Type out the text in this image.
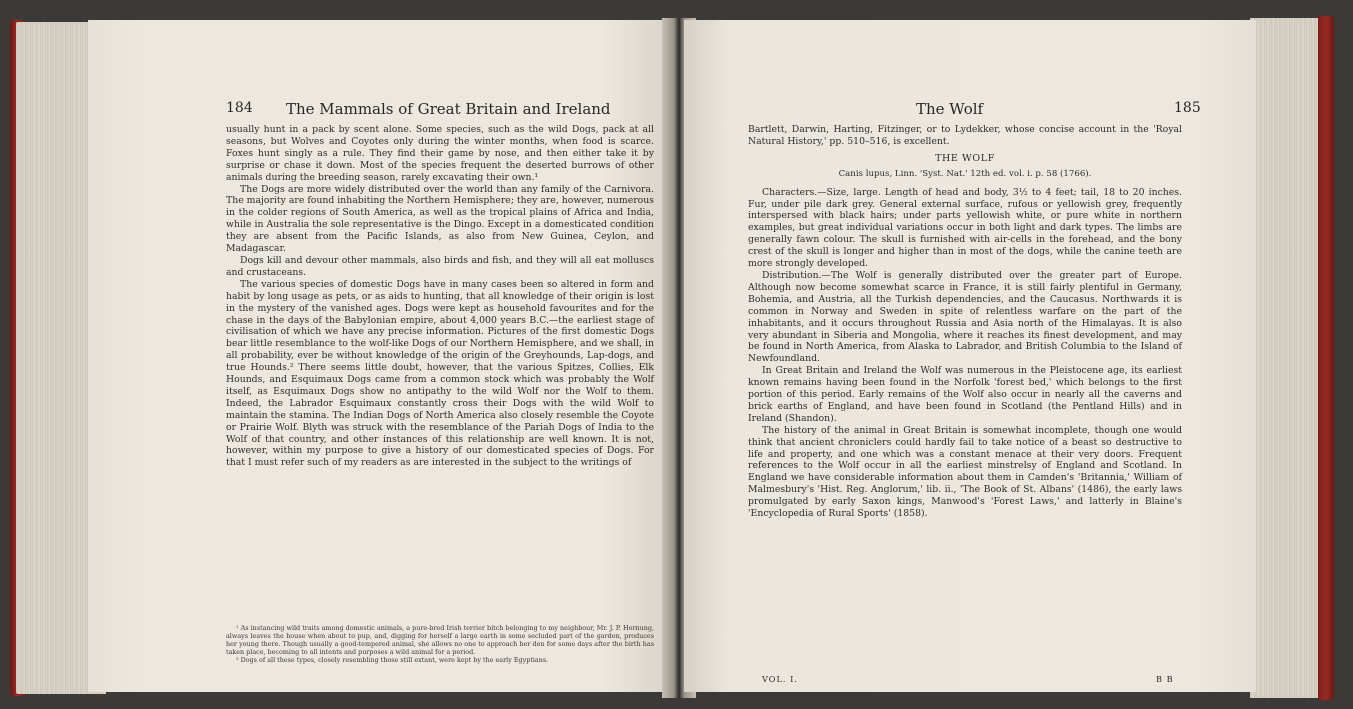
184 The Mammals of Great Britain and Ireland

usually hunt in a pack by scent alone. Some species, such as the wild Dogs, pack at all seasons, but Wolves and Coyotes only during the winter months, when food is scarce. Foxes hunt singly as a rule. They find their game by nose, and then either take it by surprise or chase it down. Most of the species frequent the deserted burrows of other animals during the breeding season, rarely excavating their own.¹

The Dogs are more widely distributed over the world than any family of the Carnivora. The majority are found inhabiting the Northern Hemisphere; they are, however, numerous in the colder regions of South America, as well as the tropical plains of Africa and India, while in Australia the sole representative is the Dingo. Except in a domesticated condition they are absent from the Pacific Islands, as also from New Guinea, Ceylon, and Madagascar.

Dogs kill and devour other mammals, also birds and fish, and they will all eat molluscs and crustaceans.

The various species of domestic Dogs have in many cases been so altered in form and habit by long usage as pets, or as aids to hunting, that all knowledge of their origin is lost in the mystery of the vanished ages. Dogs were kept as household favourites and for the chase in the days of the Babylonian empire, about 4,000 years B.C.—the earliest stage of civilisation of which we have any precise information. Pictures of the first domestic Dogs bear little resemblance to the wolf-like Dogs of our Northern Hemisphere, and we shall, in all probability, ever be without knowledge of the origin of the Greyhounds, Lap-dogs, and true Hounds.² There seems little doubt, however, that the various Spitzes, Collies, Elk Hounds, and Esquimaux Dogs came from a common stock which was probably the Wolf itself, as Esquimaux Dogs show no antipathy to the wild Wolf nor the Wolf to them. Indeed, the Labrador Esquimaux constantly cross their Dogs with the wild Wolf to maintain the stamina. The Indian Dogs of North America also closely resemble the Coyote or Prairie Wolf. Blyth was struck with the resemblance of the Pariah Dogs of India to the Wolf of that country, and other instances of this relationship are well known. It is not, however, within my purpose to give a history of our domesticated species of Dogs. For that I must refer such of my readers as are interested in the subject to the writings of

¹ As instancing wild traits among domestic animals, a pure-bred Irish terrier bitch belonging to my neighbour, Mr. J. P. Hornung, always leaves the house when about to pup, and, digging for herself a large earth in some secluded part of the garden, produces her young there. Though usually a good-tempered animal, she allows no one to approach her den for some days after the birth has taken place, becoming to all intents and purposes a wild animal for a period.

² Dogs of all these types, closely resembling those still extant, were kept by the early Egyptians.

The Wolf	185

Bartlett, Darwin, Harting, Fitzinger, or to Lydekker, whose concise account in the 'Royal Natural History,' pp. 510–516, is excellent.

THE WOLF

Canis lupus, Linn. 'Syst. Nat.' 12th ed. vol. i. p. 58 (1766).

Characters.—Size, large. Length of head and body, 3½ to 4 feet; tail, 18 to 20 inches. Fur, under pile dark grey. General external surface, rufous or yellowish grey, frequently interspersed with black hairs; under parts yellowish white, or pure white in northern examples, but great individual variations occur in both light and dark types. The limbs are generally fawn colour. The skull is furnished with air-cells in the forehead, and the bony crest of the skull is longer and higher than in most of the dogs, while the canine teeth are more strongly developed.

Distribution.—The Wolf is generally distributed over the greater part of Europe. Although now become somewhat scarce in France, it is still fairly plentiful in Germany, Bohemia, and Austria, all the Turkish dependencies, and the Caucasus. Northwards it is common in Norway and Sweden in spite of relentless warfare on the part of the inhabitants, and it occurs throughout Russia and Asia north of the Himalayas. It is also very abundant in Siberia and Mongolia, where it reaches its finest development, and may be found in North America, from Alaska to Labrador, and British Columbia to the Island of Newfoundland.

In Great Britain and Ireland the Wolf was numerous in the Pleistocene age, its earliest known remains having been found in the Norfolk 'forest bed,' which belongs to the first portion of this period. Early remains of the Wolf also occur in nearly all the caverns and brick earths of England, and have been found in Scotland (the Pentland Hills) and in Ireland (Shandon).

The history of the animal in Great Britain is somewhat incomplete, though one would think that ancient chroniclers could hardly fail to take notice of a beast so destructive to life and property, and one which was a constant menace at their very doors. Frequent references to the Wolf occur in all the earliest minstrelsy of England and Scotland. In England we have considerable information about them in Camden's 'Britannia,' William of Malmesbury's 'Hist. Reg. Anglorum,' lib. ii., 'The Book of St. Albans' (1486), the early laws promulgated by early Saxon kings, Manwood's 'Forest Laws,' and latterly in Blaine's 'Encyclopedia of Rural Sports' (1858).

VOL. I.	B B
